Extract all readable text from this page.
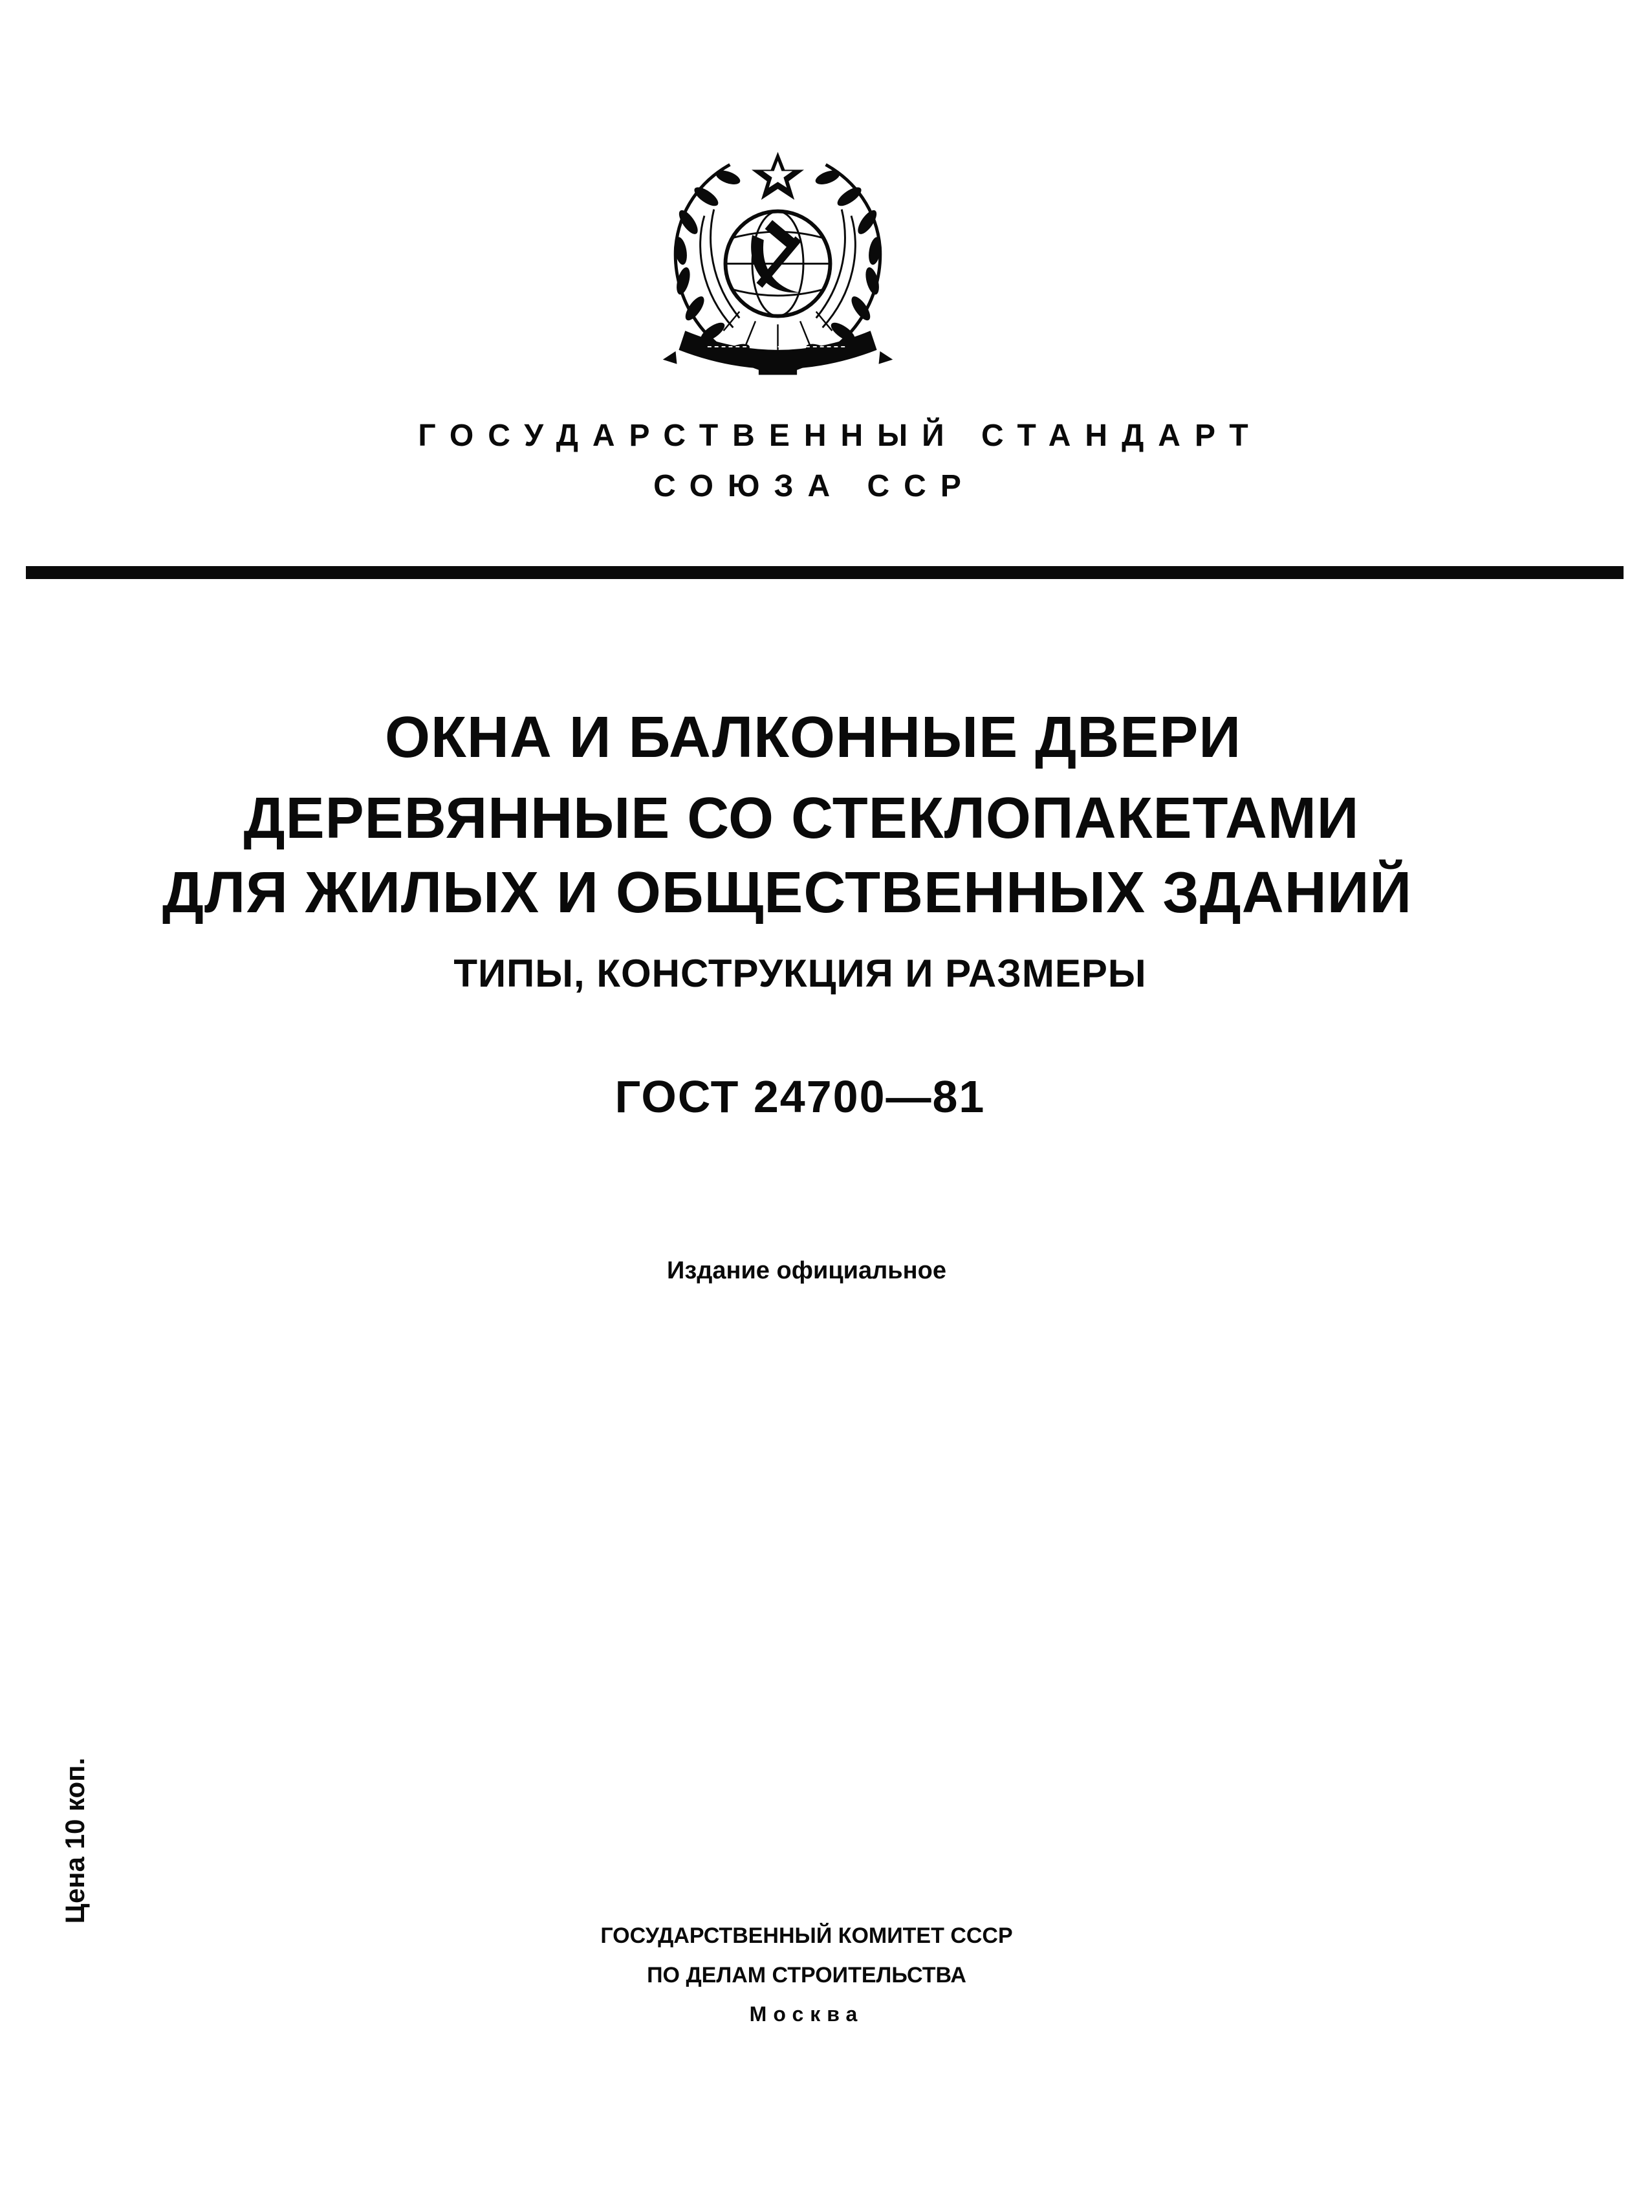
ГОСУДАРСТВЕННЫЙ СТАНДАРТ
СОЮЗА ССР
ОКНА И БАЛКОННЫЕ ДВЕРИ
ДЕРЕВЯННЫЕ СО СТЕКЛОПАКЕТАМИ
ДЛЯ ЖИЛЫХ И ОБЩЕСТВЕННЫХ ЗДАНИЙ
ТИПЫ, КОНСТРУКЦИЯ И РАЗМЕРЫ
ГОСТ 24700—81
Издание официальное
Цена 10 коп.
ГОСУДАРСТВЕННЫЙ КОМИТЕТ СССР
ПО ДЕЛАМ СТРОИТЕЛЬСТВА
Москва
